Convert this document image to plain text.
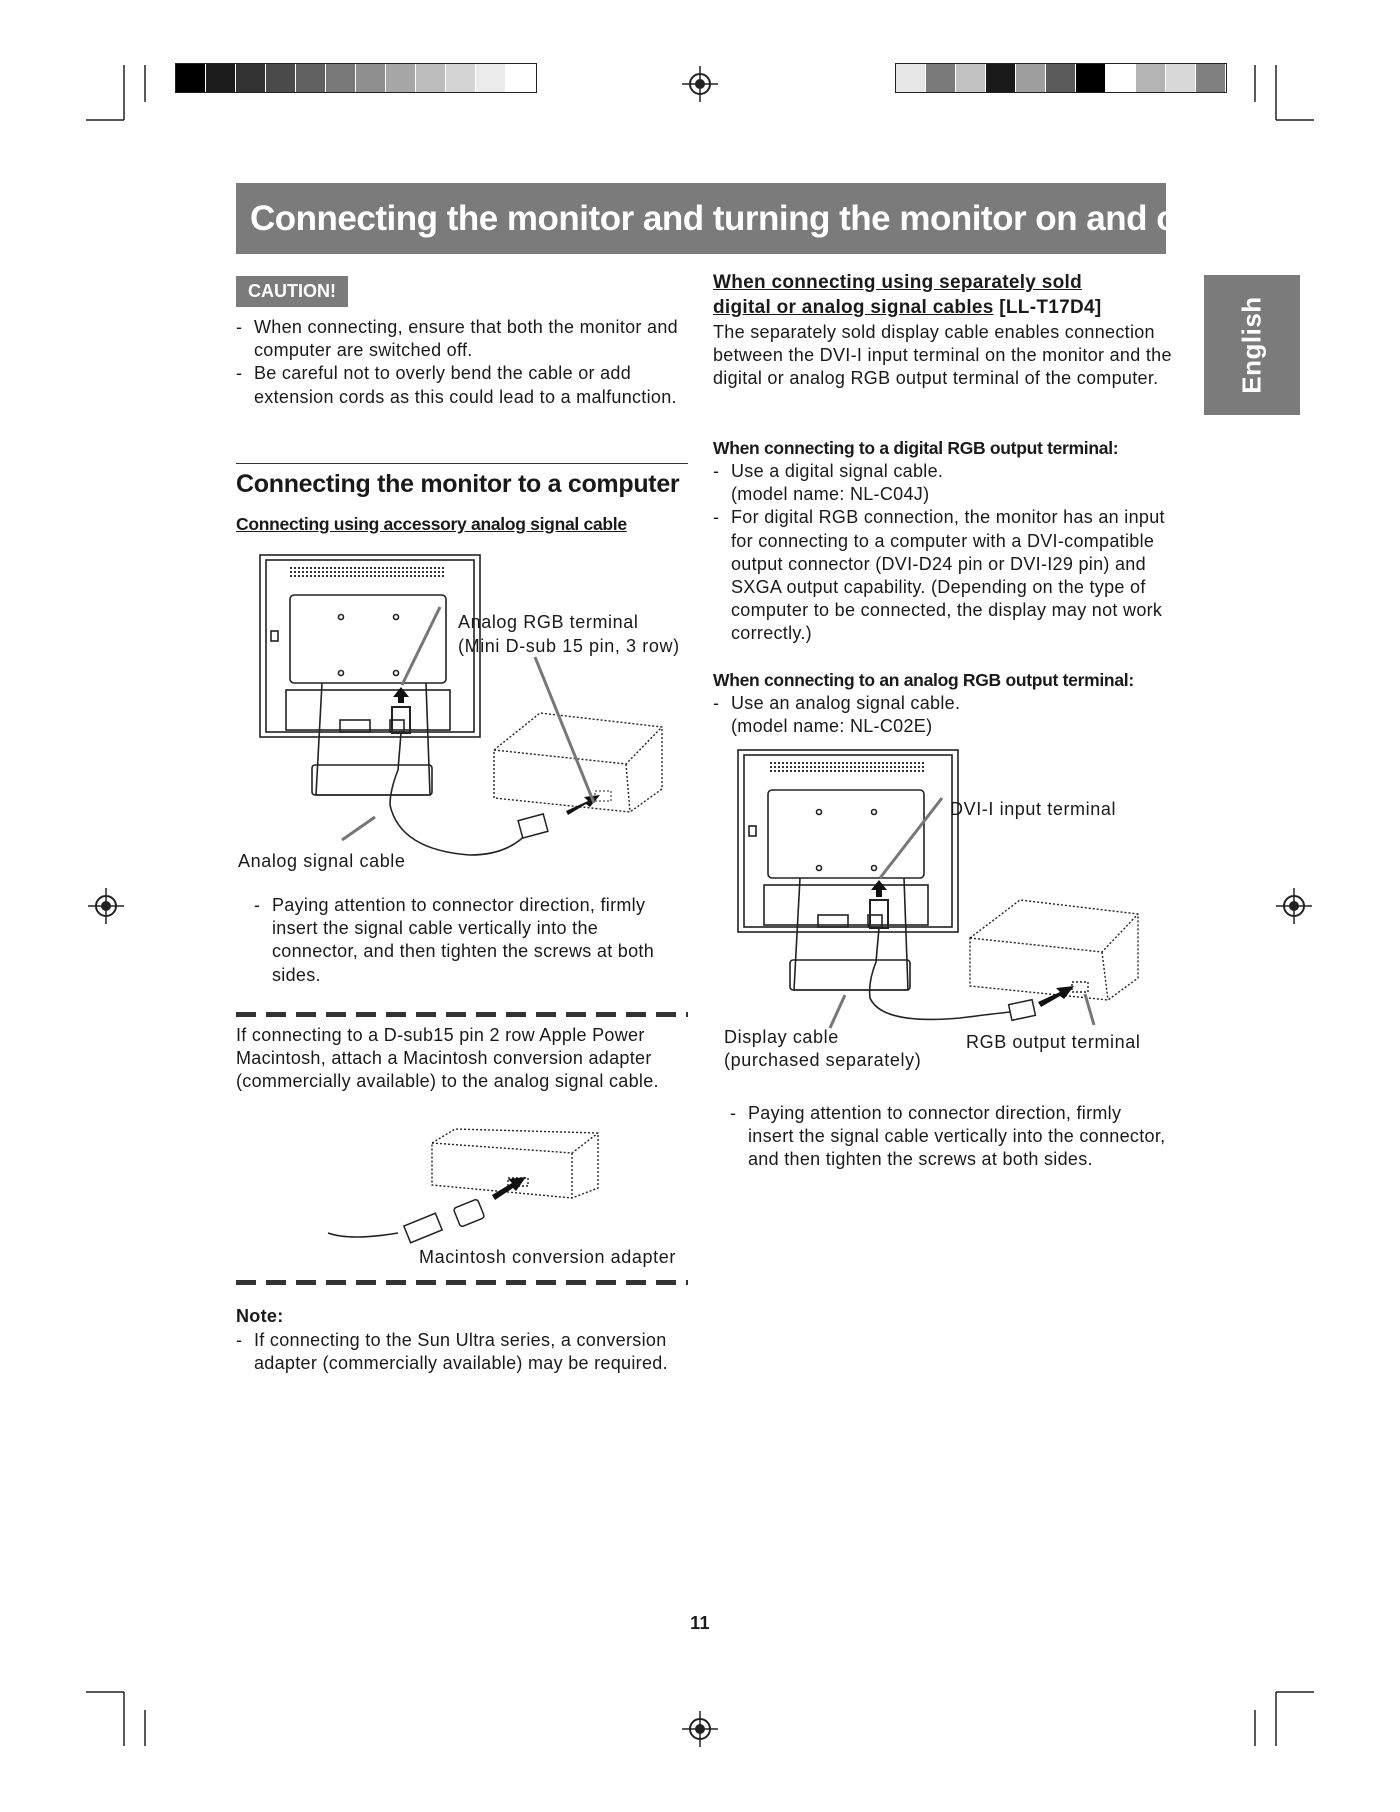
Connecting the monitor and turning the monitor on and off
English
CAUTION!

- When connecting, ensure that both the monitor and computer are switched off.

- Be careful not to overly bend the cable or add extension cords as this could lead to a malfunction.

Connecting the monitor to a computer
Connecting using accessory analog signal cable
Analog RGB terminal
(Mini D-sub 15 pin, 3 row)
Analog signal cable

- Paying attention to connector direction, firmly insert the signal cable vertically into the connector, and then tighten the screws at both sides.

If connecting to a D-sub15 pin 2 row Apple Power Macintosh, attach a Macintosh conversion adapter (commercially available) to the analog signal cable.
Macintosh conversion adapter
Note:

- If connecting to the Sun Ultra series, a conversion adapter (commercially available) may be required.

When connecting using separately sold
digital or analog signal cables [LL-T17D4]
The separately sold display cable enables connection between the DVI-I input terminal on the monitor and the digital or analog RGB output terminal of the computer.
When connecting to a digital RGB output terminal:

- Use a digital signal cable. (model name: NL-C04J)

- For digital RGB connection, the monitor has an input for connecting to a computer with a DVI-compatible output connector (DVI-D24 pin or DVI-I29 pin) and SXGA output capability. (Depending on the type of computer to be connected, the display may not work correctly.)

When connecting to an analog RGB output terminal:

- Use an analog signal cable. (model name: NL-C02E)

DVI-I input terminal
Display cable
(purchased separately)
RGB output terminal

- Paying attention to connector direction, firmly insert the signal cable vertically into the connector, and then tighten the screws at both sides.

11
